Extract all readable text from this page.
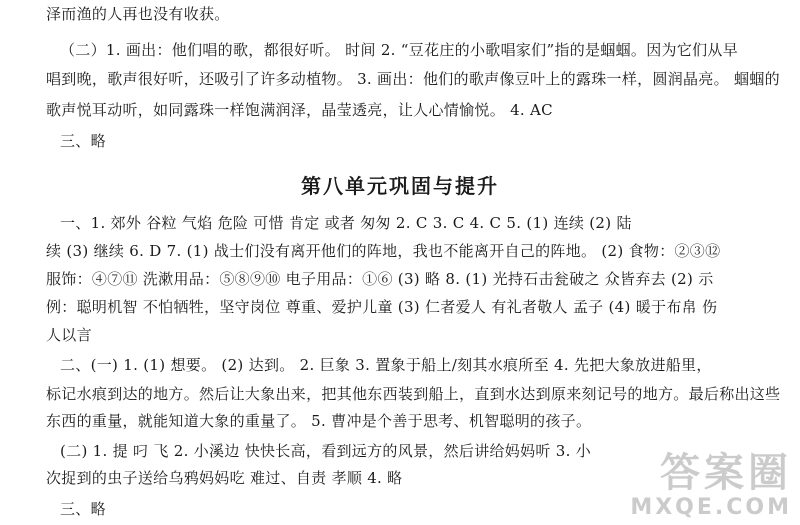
泽而渔的人再也没有收获。
（二）1. 画出：他们唱的歌，都很好听。 时间 2. “豆花庄的小歌唱家们”指的是蝈蝈。因为它们从早
唱到晚，歌声很好听，还吸引了许多动植物。 3. 画出：他们的歌声像豆叶上的露珠一样，圆润晶亮。 蝈蝈的
歌声悦耳动听，如同露珠一样饱满润泽，晶莹透亮，让人心情愉悦。 4. AC
三、略
第八单元巩固与提升
一、1. 郊外 谷粒 气焰 危险 可惜 肯定 或者 匆匆 2. C 3. C 4. C 5. (1) 连续 (2) 陆
续 (3) 继续 6. D 7. (1) 战士们没有离开他们的阵地，我也不能离开自己的阵地。 (2) 食物：②③⑫
服饰：④⑦⑪ 洗漱用品：⑤⑧⑨⑩ 电子用品：①⑥ (3) 略 8. (1) 光持石击瓮破之 众皆弃去 (2) 示
例：聪明机智 不怕牺牲，坚守岗位 尊重、爱护儿童 (3) 仁者爱人 有礼者敬人 孟子 (4) 暖于布帛 伤
人以言
二、(一) 1. (1) 想要。 (2) 达到。 2. 巨象 3. 置象于船上/刻其水痕所至 4. 先把大象放进船里，
标记水痕到达的地方。然后让大象出来，把其他东西装到船上，直到水达到原来刻记号的地方。最后称出这些
东西的重量，就能知道大象的重量了。 5. 曹冲是个善于思考、机智聪明的孩子。
(二) 1. 提 叼 飞 2. 小溪边 快快长高，看到远方的风景，然后讲给妈妈听 3. 小
次捉到的虫子送给乌鸦妈妈吃 难过、自责 孝顺 4. 略
三、略
答案圈
MXQE.COM
